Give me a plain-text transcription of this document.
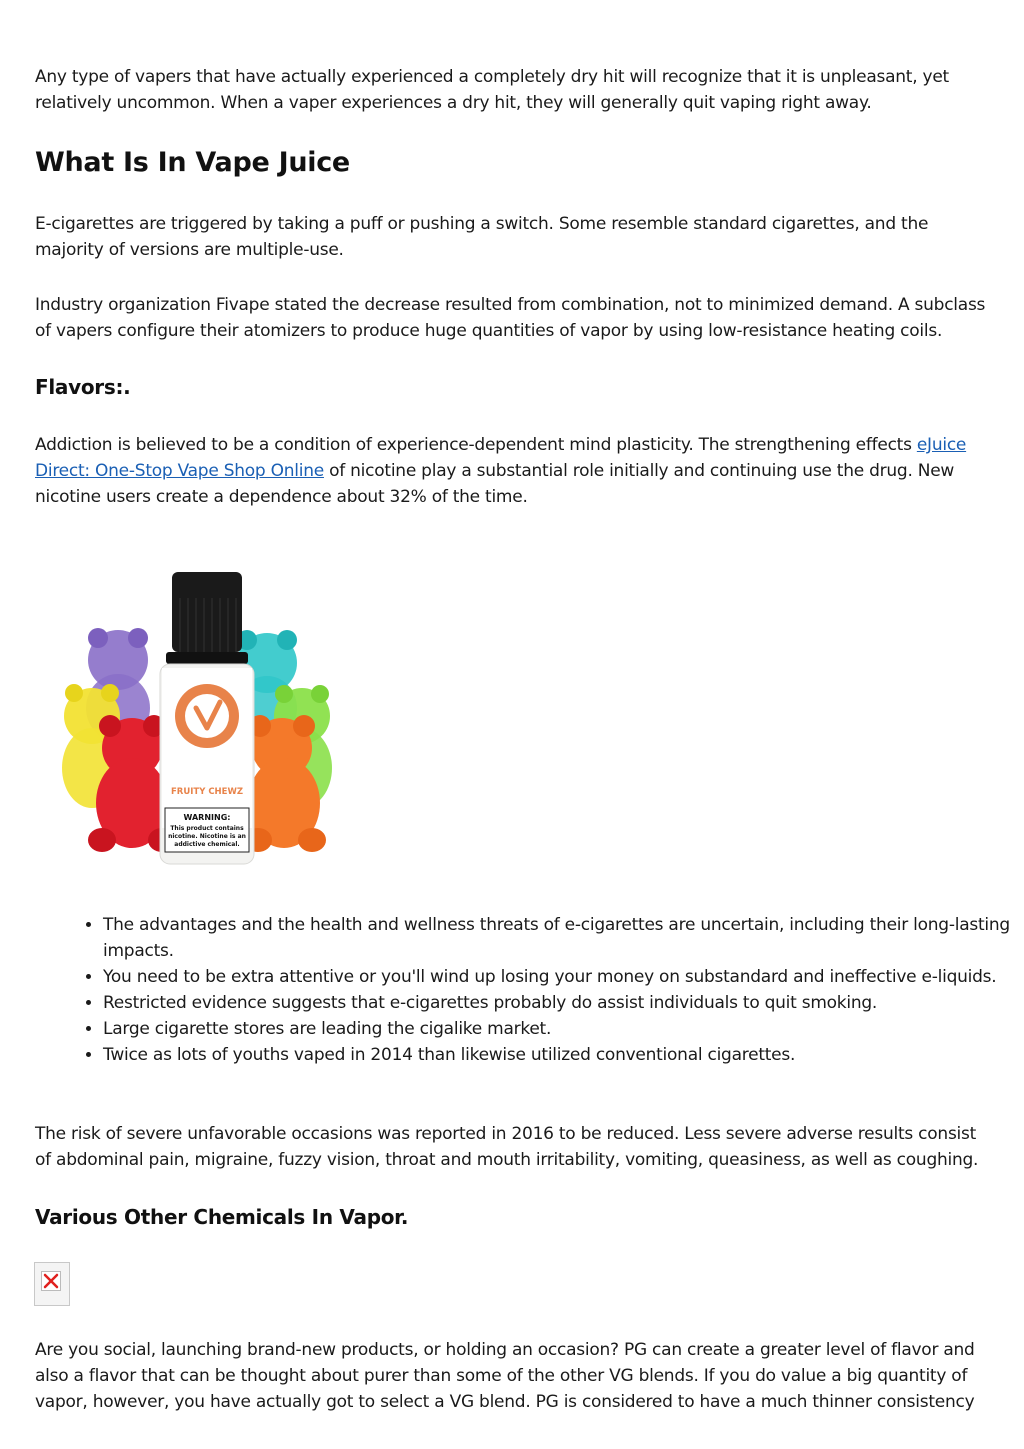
Any type of vapers that have actually experienced a completely dry hit will recognize that it is unpleasant, yet relatively uncommon. When a vaper experiences a dry hit, they will generally quit vaping right away.

What Is In Vape Juice

E-cigarettes are triggered by taking a puff or pushing a switch. Some resemble standard cigarettes, and the majority of versions are multiple-use.

Industry organization Fivape stated the decrease resulted from combination, not to minimized demand. A subclass of vapers configure their atomizers to produce huge quantities of vapor by using low-resistance heating coils.

Flavors:.

Addiction is believed to be a condition of experience-dependent mind plasticity. The strengthening effects eJuice Direct: One-Stop Vape Shop Online of nicotine play a substantial role initially and continuing use the drug. New nicotine users create a dependence about 32% of the time.

VAPOR VAPES E-LIQUID
HANDCRAFTED IN THE USA
FRUITY CHEWZ
WARNING:
This product contains
nicotine. Nicotine is an
addictive chemical.
• The advantages and the health and wellness threats of e-cigarettes are uncertain, including their long-lasting impacts.
• You need to be extra attentive or you'll wind up losing your money on substandard and ineffective e-liquids.
• Restricted evidence suggests that e-cigarettes probably do assist individuals to quit smoking.
• Large cigarette stores are leading the cigalike market.
• Twice as lots of youths vaped in 2014 than likewise utilized conventional cigarettes.

The risk of severe unfavorable occasions was reported in 2016 to be reduced. Less severe adverse results consist of abdominal pain, migraine, fuzzy vision, throat and mouth irritability, vomiting, queasiness, as well as coughing.

Various Other Chemicals In Vapor.

Are you social, launching brand-new products, or holding an occasion? PG can create a greater level of flavor and also a flavor that can be thought about purer than some of the other VG blends. If you do value a big quantity of vapor, however, you have actually got to select a VG blend. PG is considered to have a much thinner consistency
